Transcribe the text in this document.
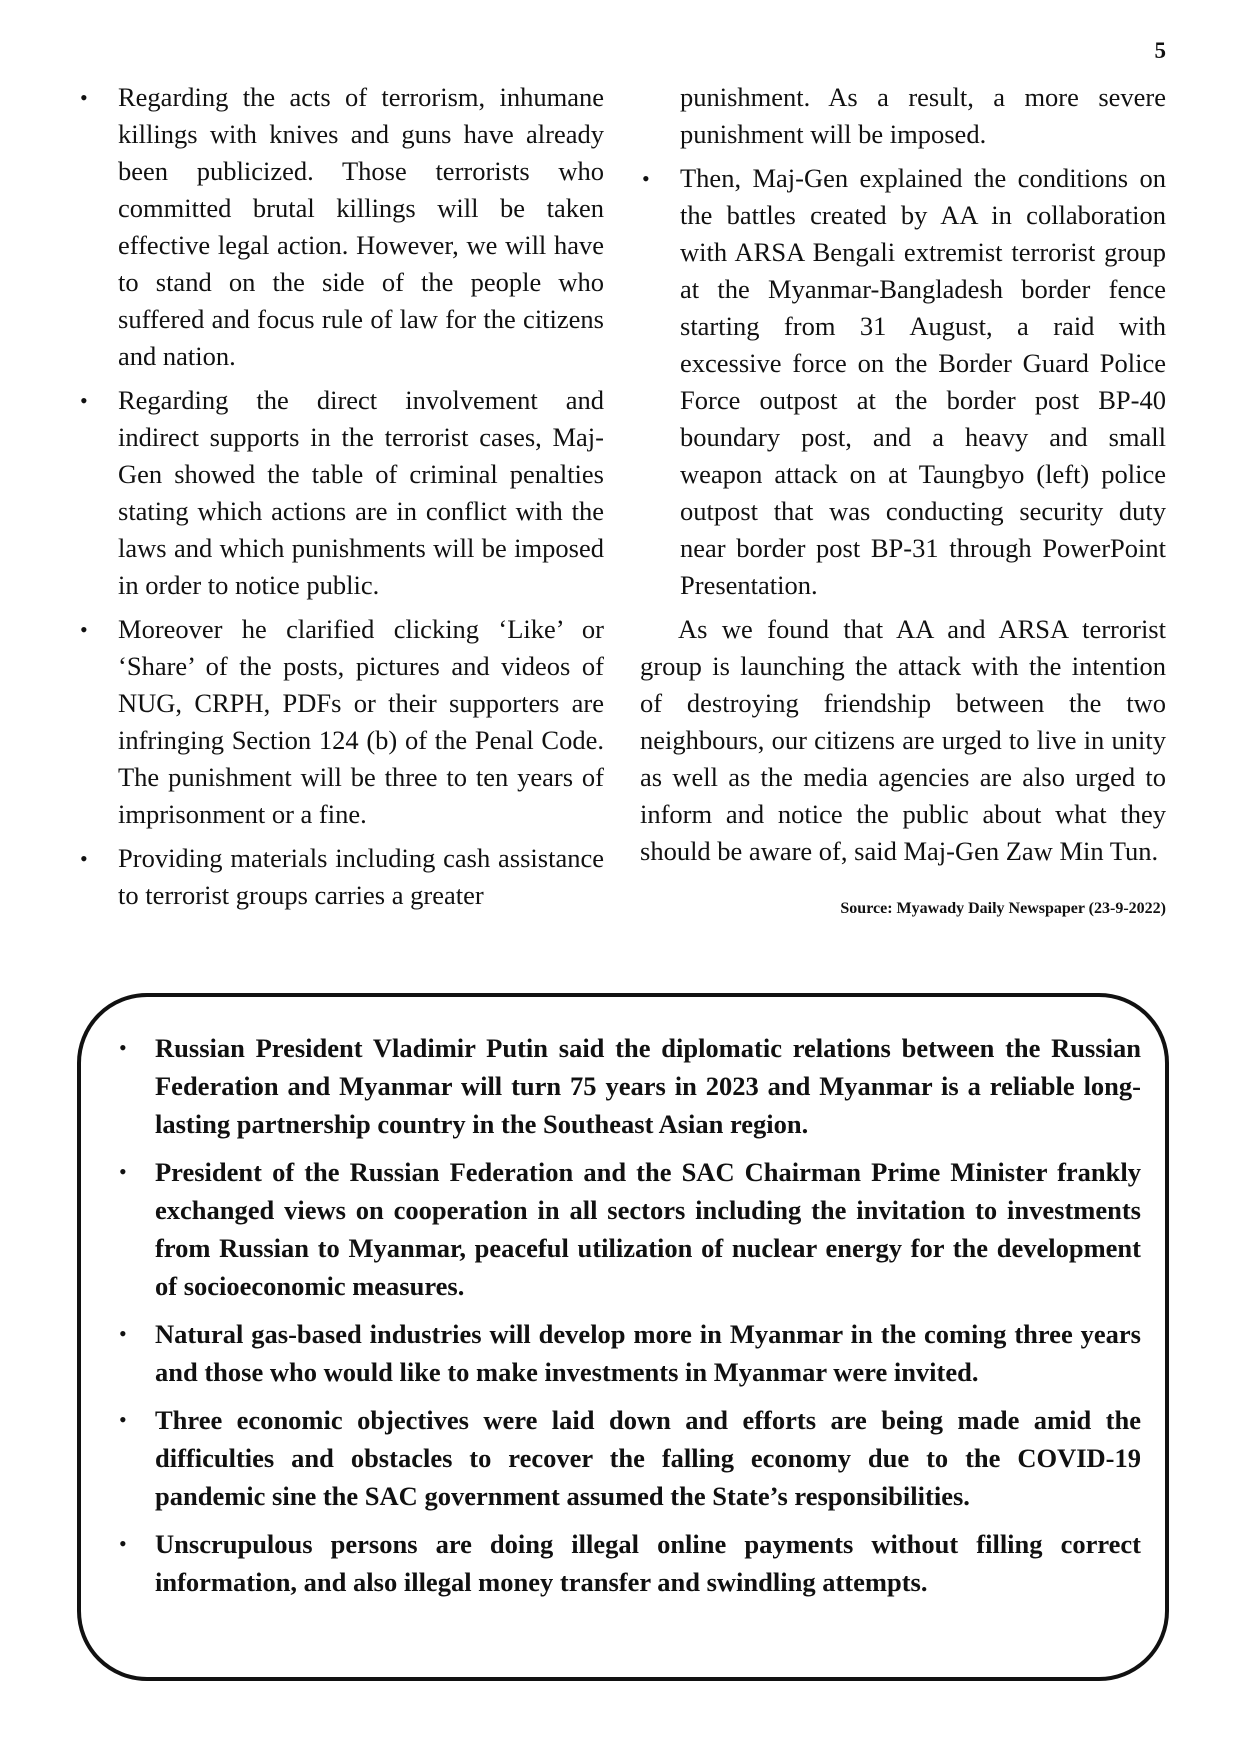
5
• Regarding the acts of terrorism, inhumane killings with knives and guns have already been publicized. Those terrorists who committed brutal killings will be taken effective legal action. However, we will have to stand on the side of the people who suffered and focus rule of law for the citizens and nation.
• Regarding the direct involvement and indirect supports in the terrorist cases, Maj-Gen showed the table of criminal penalties stating which actions are in conflict with the laws and which punishments will be imposed in order to notice public.
• Moreover he clarified clicking ‘Like’ or ‘Share’ of the posts, pictures and videos of NUG, CRPH, PDFs or their supporters are infringing Section 124 (b) of the Penal Code. The punishment will be three to ten years of imprisonment or a fine.
• Providing materials including cash assistance to terrorist groups carries a greater
punishment. As a result, a more severe punishment will be imposed.
• Then, Maj-Gen explained the conditions on the battles created by AA in collaboration with ARSA Bengali extremist terrorist group at the Myanmar-Bangladesh border fence starting from 31 August, a raid with excessive force on the Border Guard Police Force outpost at the border post BP-40 boundary post, and a heavy and small weapon attack on at Taungbyo (left) police outpost that was conducting security duty near border post BP-31 through PowerPoint Presentation.

As we found that AA and ARSA terrorist group is launching the attack with the intention of destroying friendship between the two neighbours, our citizens are urged to live in unity as well as the media agencies are also urged to inform and notice the public about what they should be aware of, said Maj-Gen Zaw Min Tun.

Source: Myawady Daily Newspaper (23-9-2022)
• Russian President Vladimir Putin said the diplomatic relations between the Russian Federation and Myanmar will turn 75 years in 2023 and Myanmar is a reliable long-lasting partnership country in the Southeast Asian region.
• President of the Russian Federation and the SAC Chairman Prime Minister frankly exchanged views on cooperation in all sectors including the invitation to investments from Russian to Myanmar, peaceful utilization of nuclear energy for the development of socioeconomic measures.
• Natural gas-based industries will develop more in Myanmar in the coming three years and those who would like to make investments in Myanmar were invited.
• Three economic objectives were laid down and efforts are being made amid the difficulties and obstacles to recover the falling economy due to the COVID-19 pandemic sine the SAC government assumed the State’s responsibilities.
• Unscrupulous persons are doing illegal online payments without filling correct information, and also illegal money transfer and swindling attempts.
